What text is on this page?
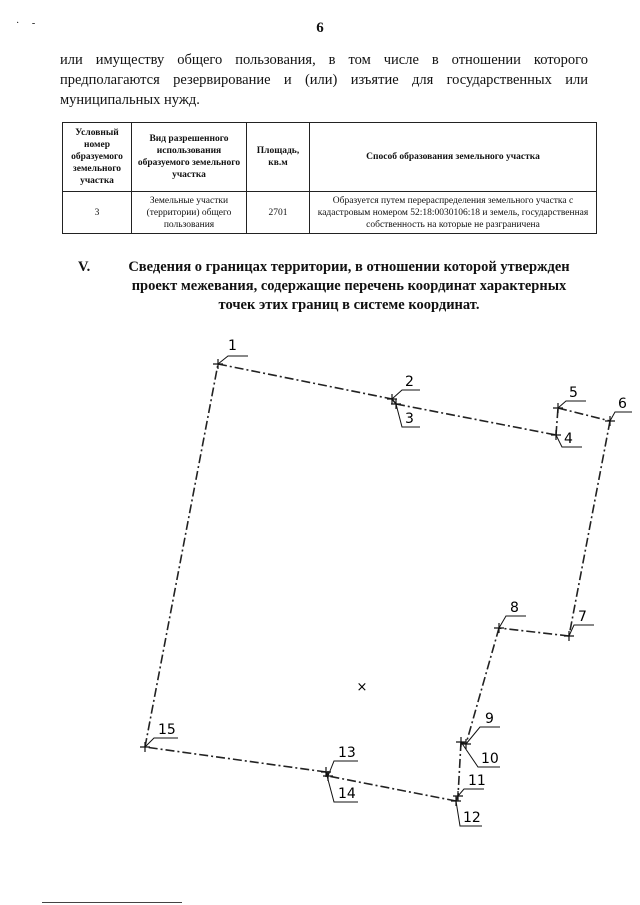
·     -	6
или имуществу общего пользования, в том числе в отношении которого предполагаются резервирование и (или) изъятие для государственных или муниципальных нужд.
Условный номер образуемого земельного участка	Вид разрешенного использования образуемого земельного участка	Площадь, кв.м	Способ образования земельного участка
3	Земельные участки (территории) общего пользования	2701	Образуется путем перераспределения земельного участка с кадастровым номером 52:18:0030106:18 и земель, государственная собственность на которые не разграничена
V.	Сведения о границах территории, в отношении которой утвержден проект межевания, содержащие перечень координат характерных точек этих границ в системе координат.
1
2
3
4
5
6
7
8
9
10
11
12
13
14
15
×
